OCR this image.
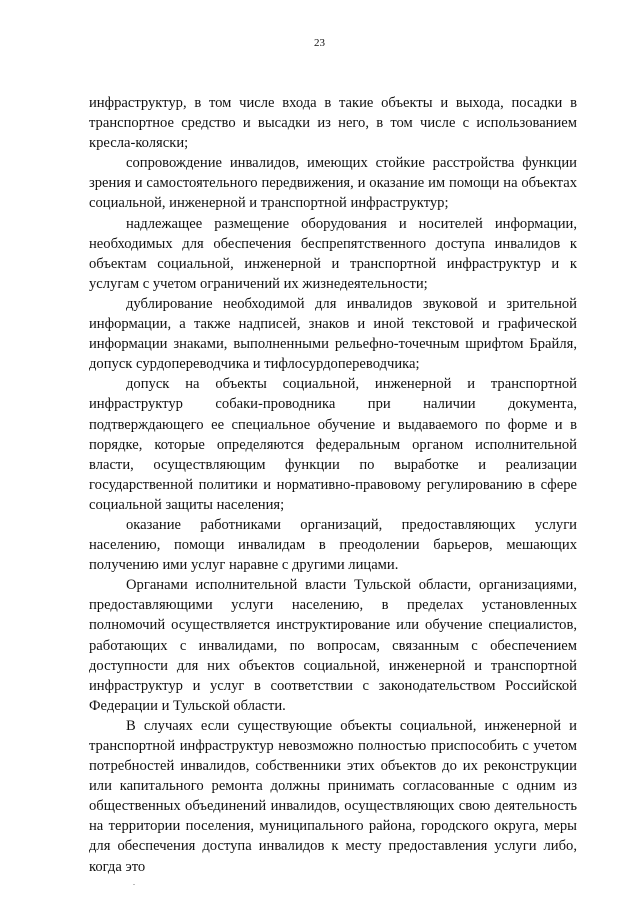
23

инфраструктур, в том числе входа в такие объекты и выхода, посадки в транспортное средство и высадки из него, в том числе с использованием кресла-коляски;

сопровождение инвалидов, имеющих стойкие расстройства функции зрения и самостоятельного передвижения, и оказание им помощи на объектах социальной, инженерной и транспортной инфраструктур;

надлежащее размещение оборудования и носителей информации, необходимых для обеспечения беспрепятственного доступа инвалидов к объектам социальной, инженерной и транспортной инфраструктур и к услугам с учетом ограничений их жизнедеятельности;

дублирование необходимой для инвалидов звуковой и зрительной информации, а также надписей, знаков и иной текстовой и графической информации знаками, выполненными рельефно-точечным шрифтом Брайля, допуск сурдопереводчика и тифлосурдопереводчика;

допуск на объекты социальной, инженерной и транспортной инфраструктур собаки-проводника при наличии документа, подтверждающего ее специальное обучение и выдаваемого по форме и в порядке, которые определяются федеральным органом исполнительной власти, осуществляющим функции по выработке и реализации государственной политики и нормативно-правовому регулированию в сфере социальной защиты населения;

оказание работниками организаций, предоставляющих услуги населению, помощи инвалидам в преодолении барьеров, мешающих получению ими услуг наравне с другими лицами.

Органами исполнительной власти Тульской области, организациями, предоставляющими услуги населению, в пределах установленных полномочий осуществляется инструктирование или обучение специалистов, работающих с инвалидами, по вопросам, связанным с обеспечением доступности для них объектов социальной, инженерной и транспортной инфраструктур и услуг в соответствии с законодательством Российской Федерации и Тульской области.

В случаях если существующие объекты социальной, инженерной и транспортной инфраструктур невозможно полностью приспособить с учетом потребностей инвалидов, собственники этих объектов до их реконструкции или капитального ремонта должны принимать согласованные с одним из общественных объединений инвалидов, осуществляющих свою деятельность на территории поселения, муниципального района, городского округа, меры для обеспечения доступа инвалидов к месту предоставления услуги либо, когда это
